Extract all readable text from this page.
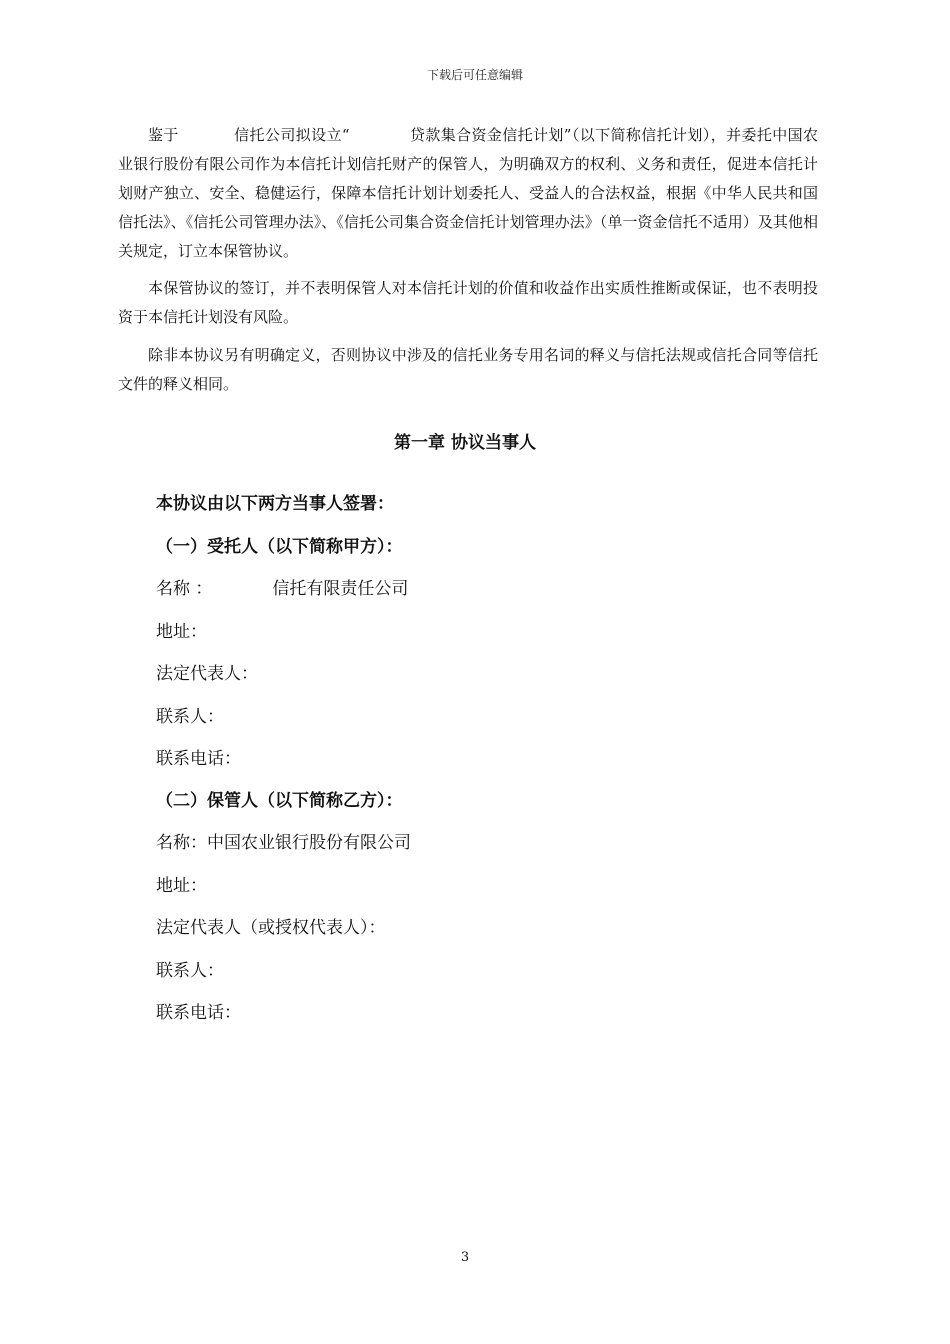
下载后可任意编辑

鉴于	信托公司拟设立“	贷款集合资金信托计划”（以下简称信托计划），并委托中国农业银行股份有限公司作为本信托计划信托财产的保管人，为明确双方的权利、义务和责任，促进本信托计划财产独立、安全、稳健运行，保障本信托计划计划委托人、受益人的合法权益，根据《中华人民共和国信托法》、《信托公司管理办法》、《信托公司集合资金信托计划管理办法》（单一资金信托不适用）及其他相关规定，订立本保管协议。

本保管协议的签订，并不表明保管人对本信托计划的价值和收益作出实质性推断或保证，也不表明投资于本信托计划没有风险。

除非本协议另有明确定义，否则协议中涉及的信托业务专用名词的释义与信托法规或信托合同等信托文件的释义相同。

第一章 协议当事人
本协议由以下两方当事人签署：
（一）受托人（以下简称甲方）：
名称 ：	信托有限责任公司
地址：
法定代表人：
联系人：
联系电话：
（二）保管人（以下简称乙方）：
名称：中国农业银行股份有限公司
地址：
法定代表人（或授权代表人）：
联系人：
联系电话：
3
